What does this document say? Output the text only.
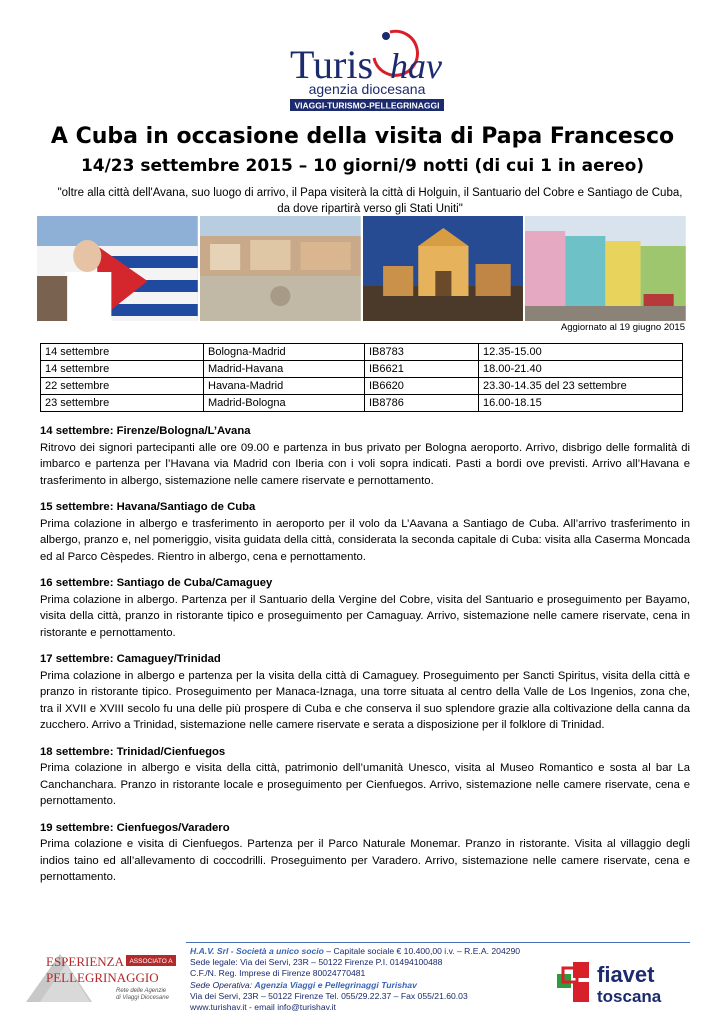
Turis hav
agenzia diocesana
VIAGGI-TURISMO-PELLEGRINAGGI
A Cuba in occasione della visita di Papa Francesco
14/23 settembre 2015 – 10 giorni/9 notti (di cui 1 in aereo)
"oltre alla città dell'Avana, suo luogo di arrivo, il Papa visiterà la città di Holguin, il Santuario del Cobre e Santiago de Cuba, da dove ripartirà verso gli Stati Uniti"
Aggiornato al 19 giugno 2015
14 settembre	Bologna-Madrid	IB8783	12.35-15.00
14 settembre	Madrid-Havana	IB6621	18.00-21.40
22 settembre	Havana-Madrid	IB6620	23.30-14.35 del 23 settembre
23 settembre	Madrid-Bologna	IB8786	16.00-18.15
14 settembre: Firenze/Bologna/L’Avana

Ritrovo dei signori partecipanti alle ore 09.00 e partenza in bus privato per Bologna aeroporto. Arrivo, disbrigo delle formalità di imbarco e partenza per l’Havana via Madrid con Iberia con i voli sopra indicati. Pasti a bordi ove previsti. Arrivo all’Havana e trasferimento in albergo, sistemazione nelle camere riservate e pernottamento.

15 settembre: Havana/Santiago de Cuba

Prima colazione in albergo e trasferimento in aeroporto per il volo da L’Aavana a Santiago de Cuba. All’arrivo trasferimento in albergo, pranzo e, nel pomeriggio, visita guidata della città, considerata la seconda capitale di Cuba: visita alla Caserma Moncada ed al Parco Cèspedes. Rientro in albergo, cena e pernottamento.

16 settembre: Santiago de Cuba/Camaguey

Prima colazione in albergo. Partenza per il Santuario della Vergine del Cobre, visita del Santuario e proseguimento per Bayamo, visita della città, pranzo in ristorante tipico e proseguimento per Camaguay. Arrivo, sistemazione nelle camere riservate, cena in ristorante e pernottamento.

17 settembre: Camaguey/Trinidad

Prima colazione in albergo e partenza per la visita della città di Camaguey. Proseguimento per Sancti Spiritus, visita della città e pranzo in ristorante tipico. Proseguimento per Manaca-Iznaga, una torre situata al centro della Valle de Los Ingenios, zona che, tra il XVII e XVIII secolo fu una delle più prospere di Cuba e che conserva il suo splendore grazie alla coltivazione della canna da zucchero. Arrivo a Trinidad, sistemazione nelle camere riservate e serata a disposizione per il folklore di Trinidad.

18 settembre: Trinidad/Cienfuegos

Prima colazione in albergo e visita della città, patrimonio dell’umanità Unesco, visita al Museo Romantico e sosta al bar La Canchanchara. Pranzo in ristorante locale e proseguimento per Cienfuegos. Arrivo, sistemazione nelle camere riservate, cena e pernottamento.

19 settembre: Cienfuegos/Varadero

Prima colazione e visita di Cienfuegos. Partenza per il Parco Naturale Monemar. Pranzo in ristorante. Visita al villaggio degli indios taino ed all’allevamento di coccodrilli. Proseguimento per Varadero. Arrivo, sistemazione nelle camere riservate, cena e pernottamento.

ESPERIENZA ASSOCIATO A
PELLEGRINAGGIO
Rete delle Agenzie
di Viaggi Diocesane
H.A.V. Srl - Società a unico socio – Capitale sociale € 10.400,00 i.v. – R.E.A. 204290
Sede legale: Via dei Servi, 23R – 50122 Firenze P.I. 01494100488
C.F./N. Reg. Imprese di Firenze 80024770481
Sede Operativa: Agenzia Viaggi e Pellegrinaggi Turishav
Via dei Servi, 23R – 50122 Firenze Tel. 055/29.22.37 – Fax 055/21.60.03
www.turishav.it - email info@turishav.it
fiavet
toscana
